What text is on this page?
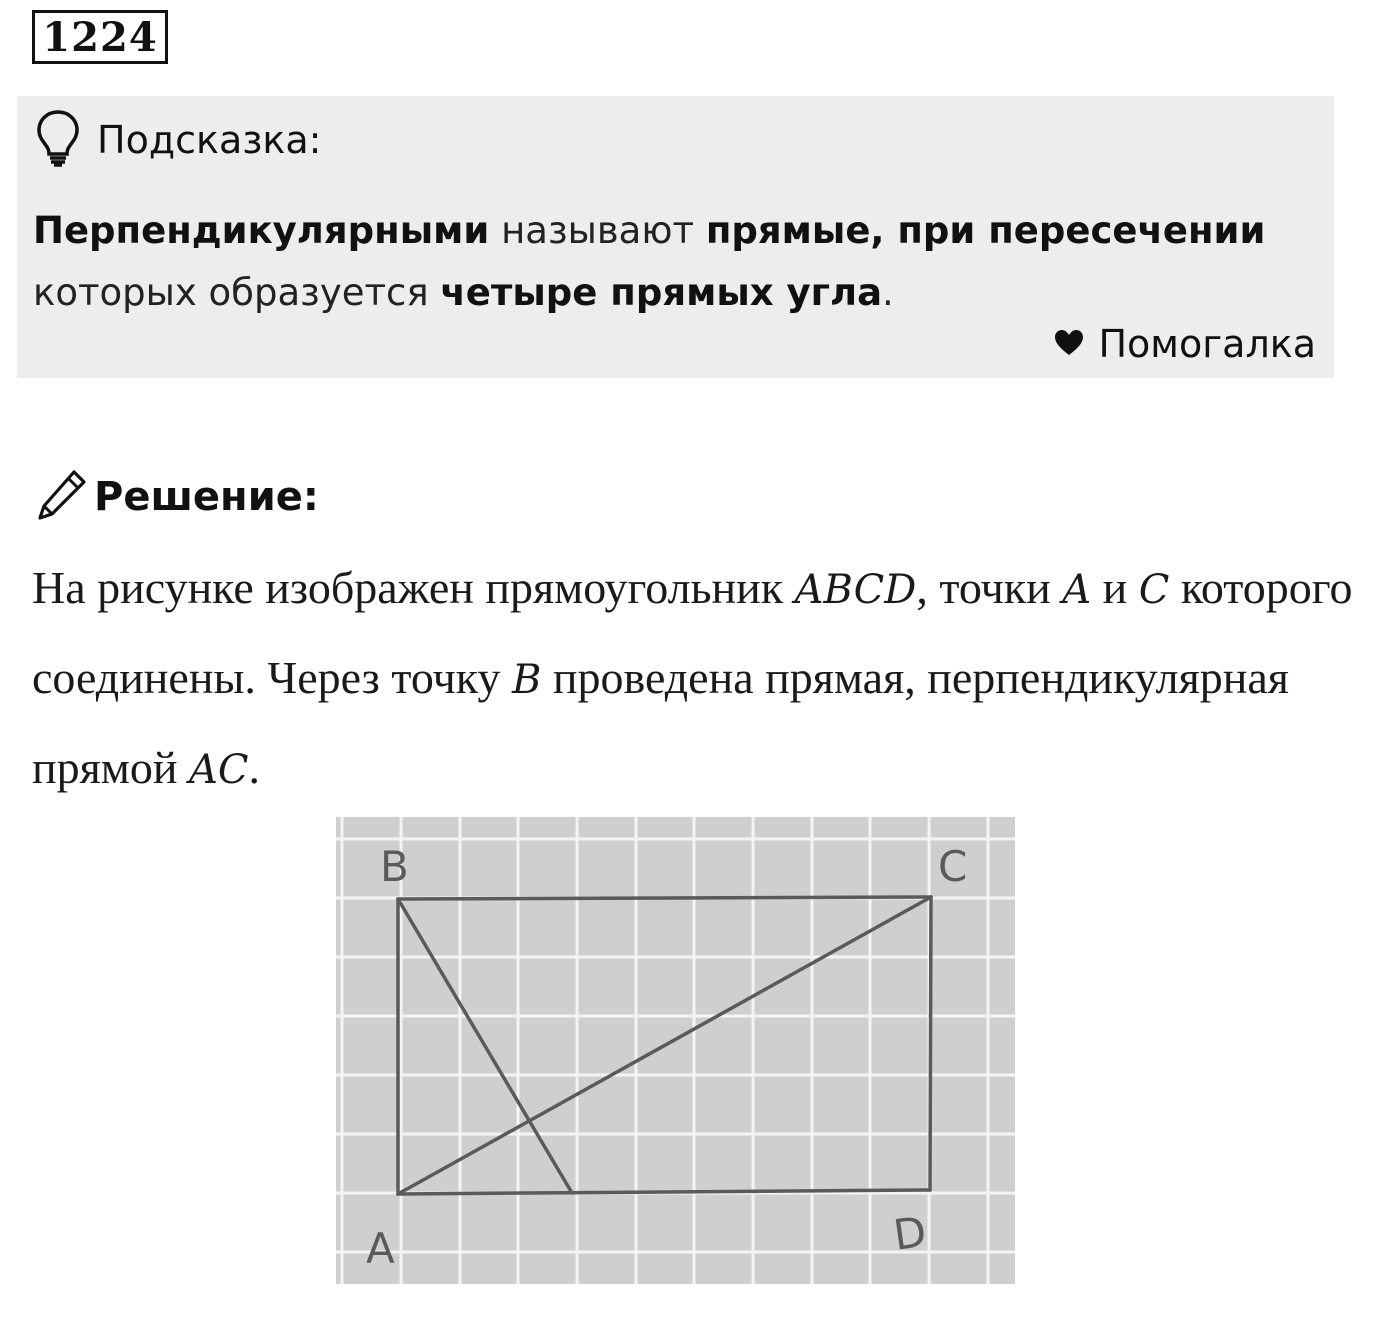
1224
Подсказка:
Перпендикулярными называют прямые, при пересечении которых образуется четыре прямых угла.
Помогалка
Решение:
На рисунке изображен прямоугольник ABCD, точки A и C которого соединены. Через точку B проведена прямая, перпендикулярная прямой AC.
B	C
A	D
